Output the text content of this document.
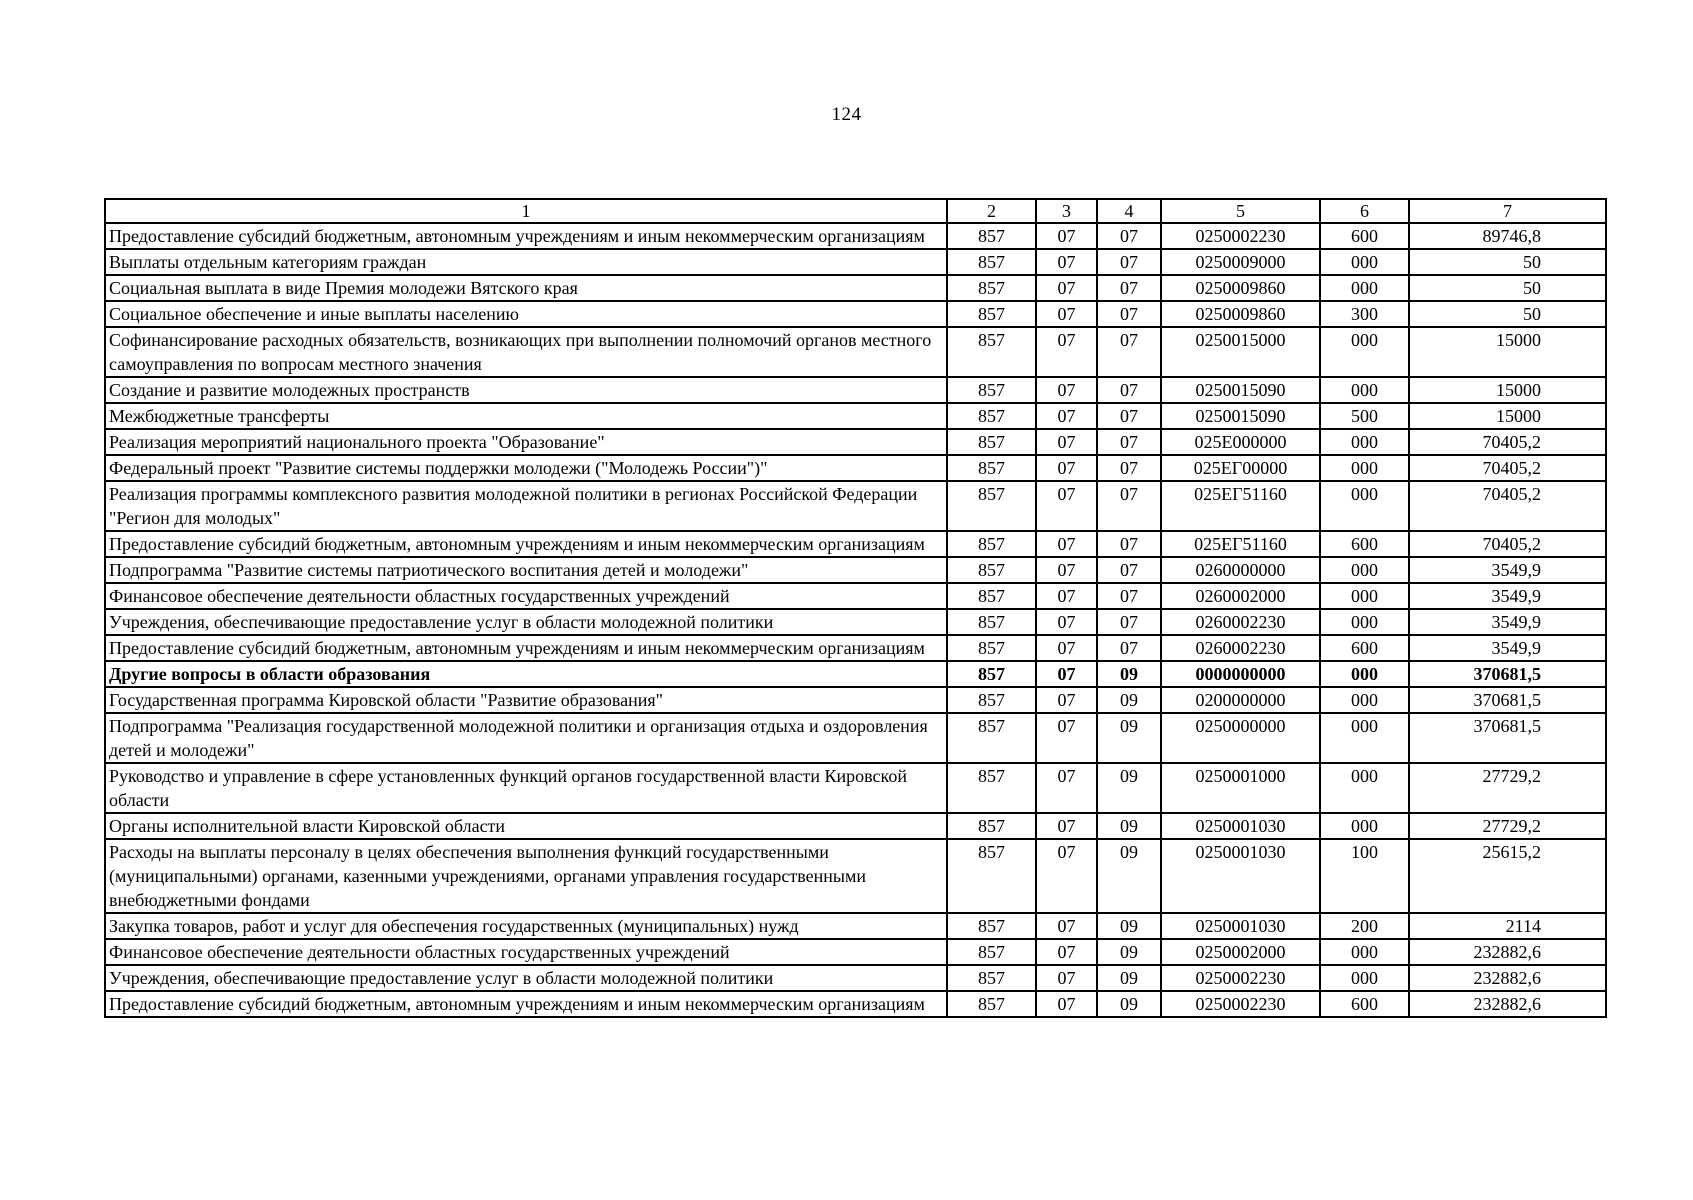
124
1	2	3	4	5	6	7
Предоставление субсидий бюджетным, автономным учреждениям и иным некоммерческим организациям	857	07	07	0250002230	600	89746,8
Выплаты отдельным категориям граждан	857	07	07	0250009000	000	50
Социальная выплата в виде Премия молодежи Вятского края	857	07	07	0250009860	000	50
Социальное обеспечение и иные выплаты населению	857	07	07	0250009860	300	50
Софинансирование расходных обязательств, возникающих при выполнении полномочий органов местного самоуправления по вопросам местного значения	857	07	07	0250015000	000	15000
Создание и развитие молодежных пространств	857	07	07	0250015090	000	15000
Межбюджетные трансферты	857	07	07	0250015090	500	15000
Реализация мероприятий национального проекта "Образование"	857	07	07	025Е000000	000	70405,2
Федеральный проект "Развитие системы поддержки молодежи ("Молодежь России")"	857	07	07	025ЕГ00000	000	70405,2
Реализация программы комплексного развития молодежной политики в регионах Российской Федерации "Регион для молодых"	857	07	07	025ЕГ51160	000	70405,2
Предоставление субсидий бюджетным, автономным учреждениям и иным некоммерческим организациям	857	07	07	025ЕГ51160	600	70405,2
Подпрограмма "Развитие системы патриотического воспитания детей и молодежи"	857	07	07	0260000000	000	3549,9
Финансовое обеспечение деятельности областных государственных учреждений	857	07	07	0260002000	000	3549,9
Учреждения, обеспечивающие предоставление услуг в области молодежной политики	857	07	07	0260002230	000	3549,9
Предоставление субсидий бюджетным, автономным учреждениям и иным некоммерческим организациям	857	07	07	0260002230	600	3549,9
Другие вопросы в области образования	857	07	09	0000000000	000	370681,5
Государственная программа Кировской области "Развитие образования"	857	07	09	0200000000	000	370681,5
Подпрограмма "Реализация государственной молодежной политики и организация отдыха и оздоровления детей и молодежи"	857	07	09	0250000000	000	370681,5
Руководство и управление в сфере установленных функций органов государственной власти Кировской области	857	07	09	0250001000	000	27729,2
Органы исполнительной власти Кировской области	857	07	09	0250001030	000	27729,2
Расходы на выплаты персоналу в целях обеспечения выполнения функций государственными (муниципальными) органами, казенными учреждениями, органами управления государственными внебюджетными фондами	857	07	09	0250001030	100	25615,2
Закупка товаров, работ и услуг для обеспечения государственных (муниципальных) нужд	857	07	09	0250001030	200	2114
Финансовое обеспечение деятельности областных государственных учреждений	857	07	09	0250002000	000	232882,6
Учреждения, обеспечивающие предоставление услуг в области молодежной политики	857	07	09	0250002230	000	232882,6
Предоставление субсидий бюджетным, автономным учреждениям и иным некоммерческим организациям	857	07	09	0250002230	600	232882,6
